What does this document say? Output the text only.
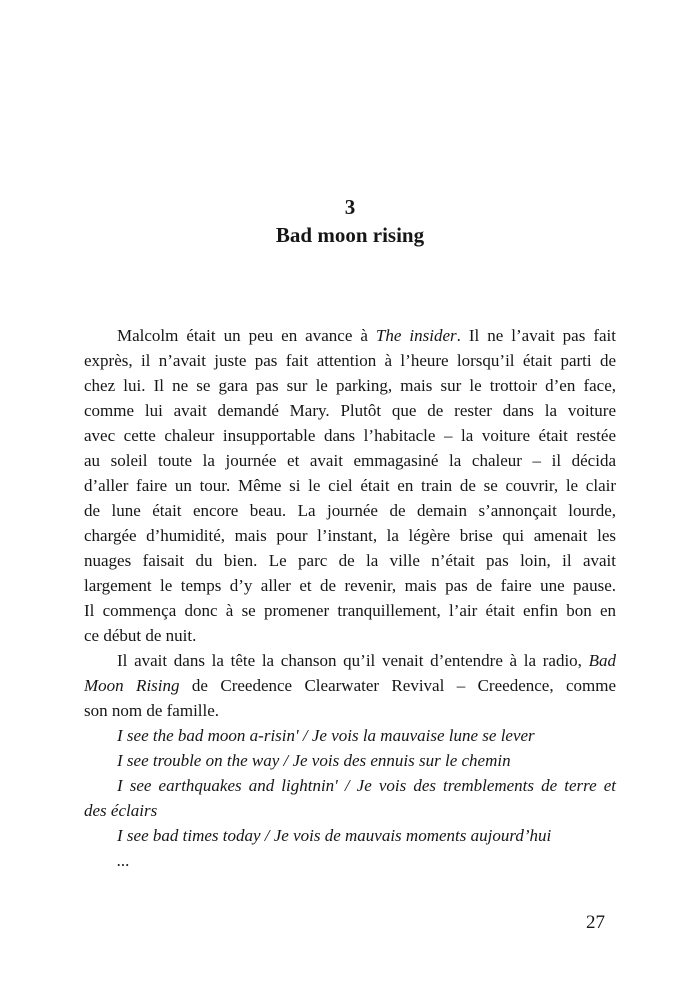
3
Bad moon rising
Malcolm était un peu en avance à The insider. Il ne l’avait pas fait
exprès, il n’avait juste pas fait attention à l’heure lorsqu’il était parti de
chez lui. Il ne se gara pas sur le parking, mais sur le trottoir d’en face,
comme lui avait demandé Mary. Plutôt que de rester dans la voiture
avec cette chaleur insupportable dans l’habitacle – la voiture était restée
au soleil toute la journée et avait emmagasiné la chaleur – il décida
d’aller faire un tour. Même si le ciel était en train de se couvrir, le clair
de lune était encore beau. La journée de demain s’annonçait lourde,
chargée d’humidité, mais pour l’instant, la légère brise qui amenait les
nuages faisait du bien. Le parc de la ville n’était pas loin, il avait
largement le temps d’y aller et de revenir, mais pas de faire une pause.
Il commença donc à se promener tranquillement, l’air était enfin bon en
ce début de nuit.
Il avait dans la tête la chanson qu’il venait d’entendre à la radio, Bad
Moon Rising de Creedence Clearwater Revival – Creedence, comme
son nom de famille.
I see the bad moon a-risin' / Je vois la mauvaise lune se lever
I see trouble on the way / Je vois des ennuis sur le chemin
I see earthquakes and lightnin' / Je vois des tremblements de terre et
des éclairs
I see bad times today / Je vois de mauvais moments aujourd’hui
...
27
